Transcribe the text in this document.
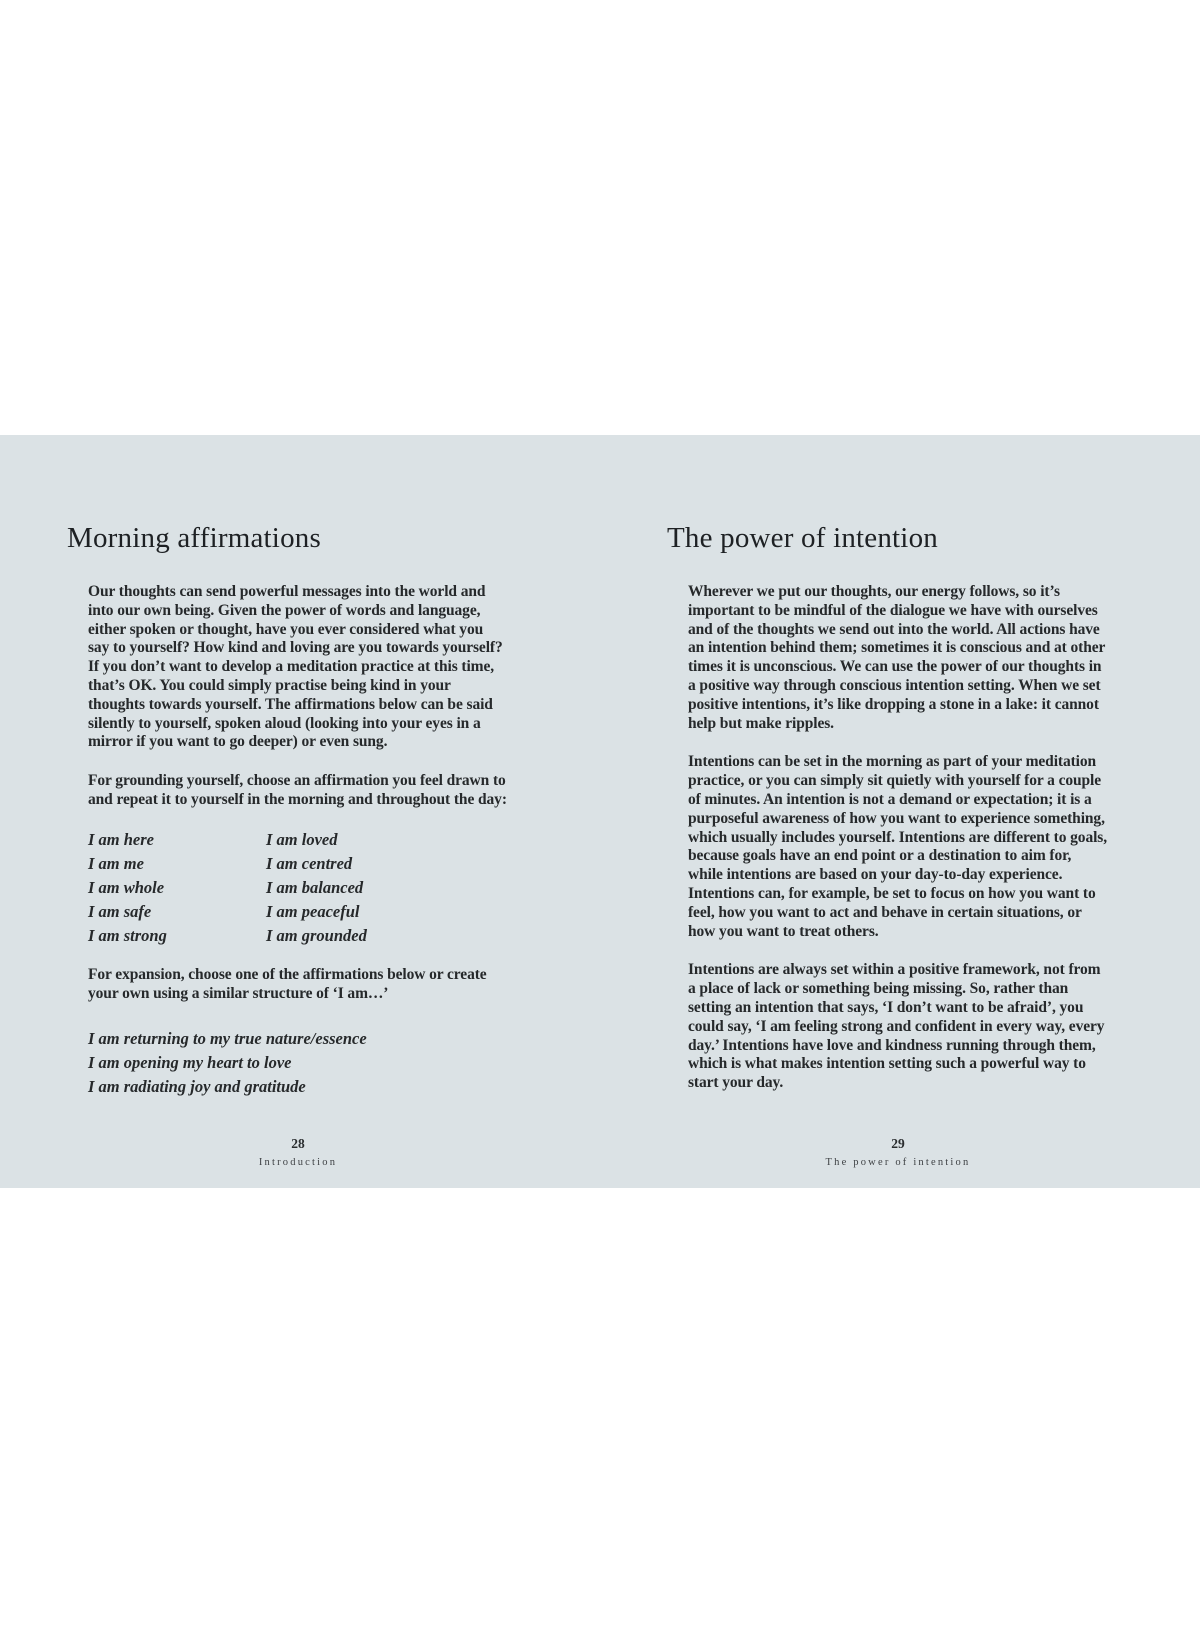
Morning affirmations

Our thoughts can send powerful messages into the world and into our own being. Given the power of words and language, either spoken or thought, have you ever considered what you say to yourself? How kind and loving are you towards yourself? If you don’t want to develop a meditation practice at this time, that’s OK. You could simply practise being kind in your thoughts towards yourself. The affirmations below can be said silently to yourself, spoken aloud (looking into your eyes in a mirror if you want to go deeper) or even sung.

For grounding yourself, choose an affirmation you feel drawn to and repeat it to yourself in the morning and throughout the day:

I am here
I am me
I am whole
I am safe
I am strong
I am loved
I am centred
I am balanced
I am peaceful
I am grounded

For expansion, choose one of the affirmations below or create your own using a similar structure of ‘I am…’

I am returning to my true nature/essence
I am opening my heart to love
I am radiating joy and gratitude
28
Introduction
The power of intention

Wherever we put our thoughts, our energy follows, so it’s important to be mindful of the dialogue we have with ourselves and of the thoughts we send out into the world. All actions have an intention behind them; sometimes it is conscious and at other times it is unconscious. We can use the power of our thoughts in a positive way through conscious intention setting. When we set positive intentions, it’s like dropping a stone in a lake: it cannot help but make ripples.

Intentions can be set in the morning as part of your meditation practice, or you can simply sit quietly with yourself for a couple of minutes. An intention is not a demand or expectation; it is a purposeful awareness of how you want to experience something, which usually includes yourself. Intentions are different to goals, because goals have an end point or a destination to aim for, while intentions are based on your day-to-day experience. Intentions can, for example, be set to focus on how you want to feel, how you want to act and behave in certain situations, or how you want to treat others.

Intentions are always set within a positive framework, not from a place of lack or something being missing. So, rather than setting an intention that says, ‘I don’t want to be afraid’, you could say, ‘I am feeling strong and confident in every way, every day.’ Intentions have love and kindness running through them, which is what makes intention setting such a powerful way to start your day.

29
The power of intention
